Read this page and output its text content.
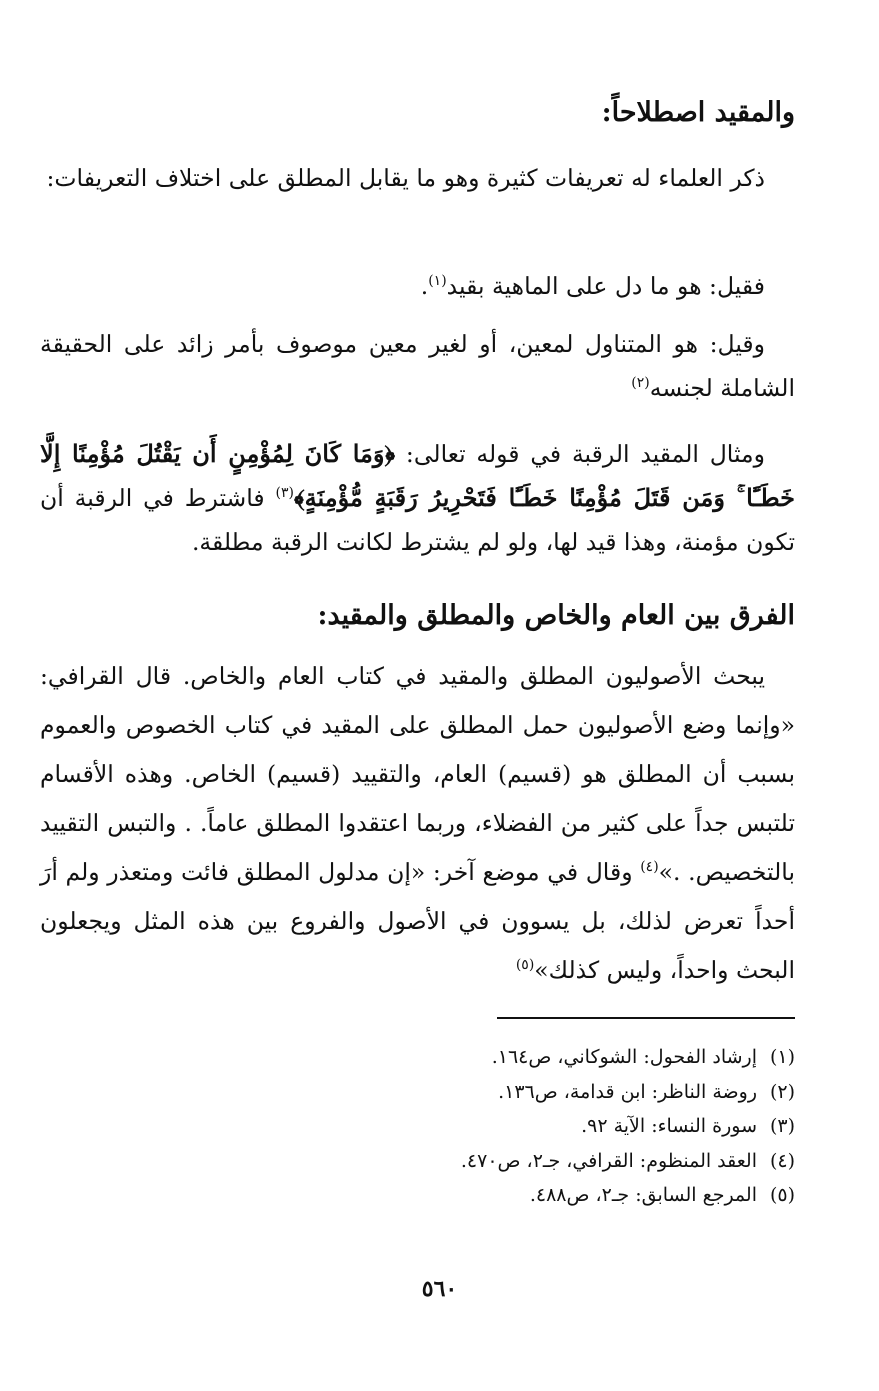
والمقيد اصطلاحاً:

ذكر العلماء له تعريفات كثيرة وهو ما يقابل المطلق على اختلاف التعريفات:

فقيل: هو ما دل على الماهية بقيد$^{(١)}$.

وقيل: هو المتناول لمعين، أو لغير معين موصوف بأمر زائد على الحقيقة الشاملة لجنسه$^{(٢)}$

ومثال المقيد الرقبة في قوله تعالى: ﴿وَمَا كَانَ لِمُؤْمِنٍ أَن يَقْتُلَ مُؤْمِنًا إِلَّا خَطَـًٔا ۚ وَمَن قَتَلَ مُؤْمِنًا خَطَـًٔا فَتَحْرِيرُ رَقَبَةٍ مُّؤْمِنَةٍ﴾$^{(٣)}$ فاشترط في الرقبة أن تكون مؤمنة، وهذا قيد لها، ولو لم يشترط لكانت الرقبة مطلقة.

الفرق بين العام والخاص والمطلق والمقيد:

يبحث الأصوليون المطلق والمقيد في كتاب العام والخاص. قال القرافي: «وإنما وضع الأصوليون حمل المطلق على المقيد في كتاب الخصوص والعموم بسبب أن المطلق هو (قسيم) العام، والتقييد (قسيم) الخاص. وهذه الأقسام تلتبس جداً على كثير من الفضلاء، وربما اعتقدوا المطلق عاماً. . والتبس التقييد بالتخصيص. .»$^{(٤)}$ وقال في موضع آخر: «إن مدلول المطلق فائت ومتعذر ولم أرَ أحداً تعرض لذلك، بل يسوون في الأصول والفروع بين هذه المثل ويجعلون البحث واحداً، وليس كذلك»$^{(٥)}$

(١)إرشاد الفحول: الشوكاني، ص١٦٤.
(٢)روضة الناظر: ابن قدامة، ص١٣٦.
(٣)سورة النساء: الآية ٩٢.
(٤)العقد المنظوم: القرافي، جـ٢، ص٤٧٠.
(٥)المرجع السابق: جـ٢، ص٤٨٨.
٥٦٠
